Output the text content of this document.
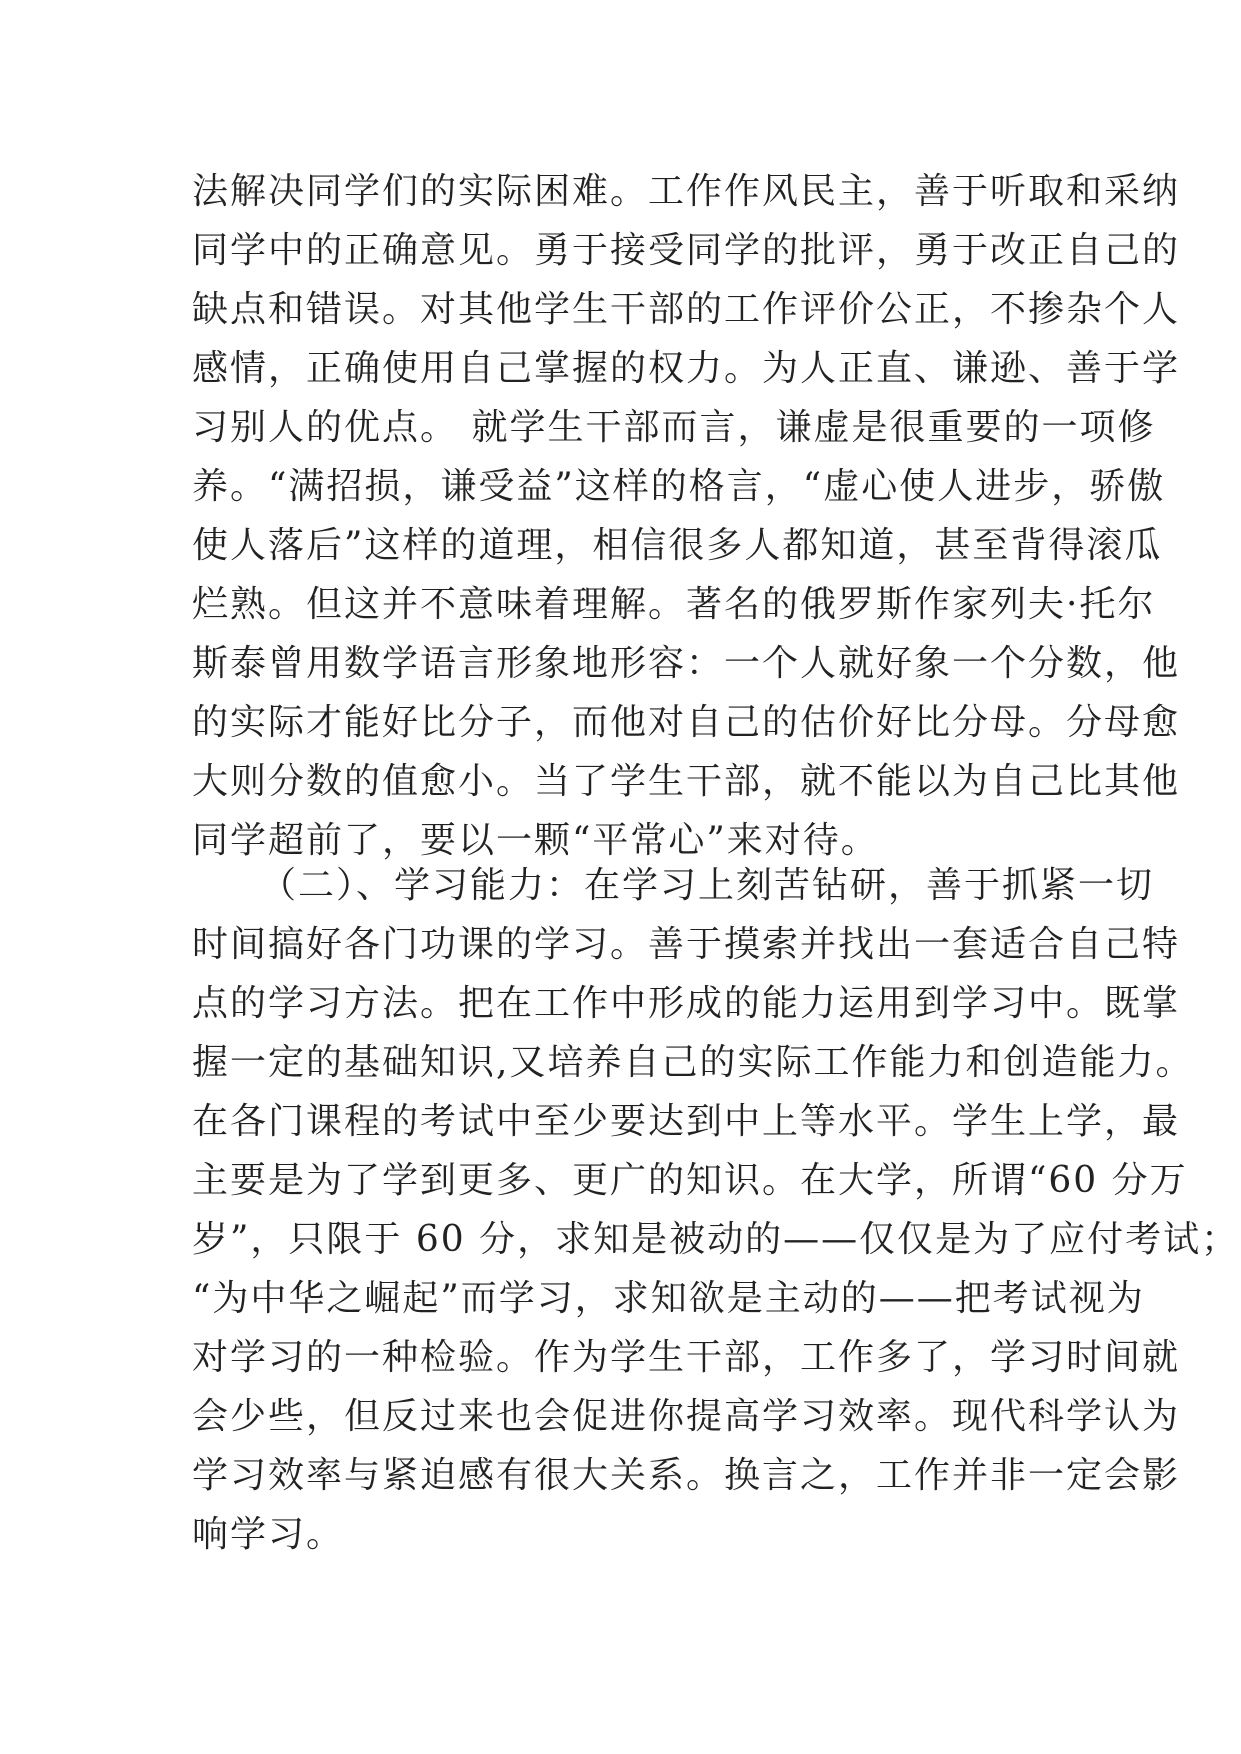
法解决同学们的实际困难。工作作风民主，善于听取和采纳
同学中的正确意见。勇于接受同学的批评，勇于改正自己的
缺点和错误。对其他学生干部的工作评价公正，不掺杂个人
感情，正确使用自己掌握的权力。为人正直、谦逊、善于学
习别人的优点。 就学生干部而言，谦虚是很重要的一项修
养。“满招损，谦受益”这样的格言，“虚心使人进步，骄傲
使人落后”这样的道理，相信很多人都知道，甚至背得滚瓜
烂熟。但这并不意味着理解。著名的俄罗斯作家列夫·托尔
斯泰曾用数学语言形象地形容：一个人就好象一个分数，他
的实际才能好比分子，而他对自己的估价好比分母。分母愈
大则分数的值愈小。当了学生干部，就不能以为自己比其他
同学超前了，要以一颗“平常心”来对待。
（二）、学习能力：在学习上刻苦钻研，善于抓紧一切
时间搞好各门功课的学习。善于摸索并找出一套适合自己特
点的学习方法。把在工作中形成的能力运用到学习中。既掌
握一定的基础知识,又培养自己的实际工作能力和创造能力。
在各门课程的考试中至少要达到中上等水平。学生上学，最
主要是为了学到更多、更广的知识。在大学，所谓“60 分万
岁”，只限于 60 分，求知是被动的——仅仅是为了应付考试；
“为中华之崛起”而学习，求知欲是主动的——把考试视为
对学习的一种检验。作为学生干部，工作多了，学习时间就
会少些，但反过来也会促进你提高学习效率。现代科学认为
学习效率与紧迫感有很大关系。换言之，工作并非一定会影
响学习。
